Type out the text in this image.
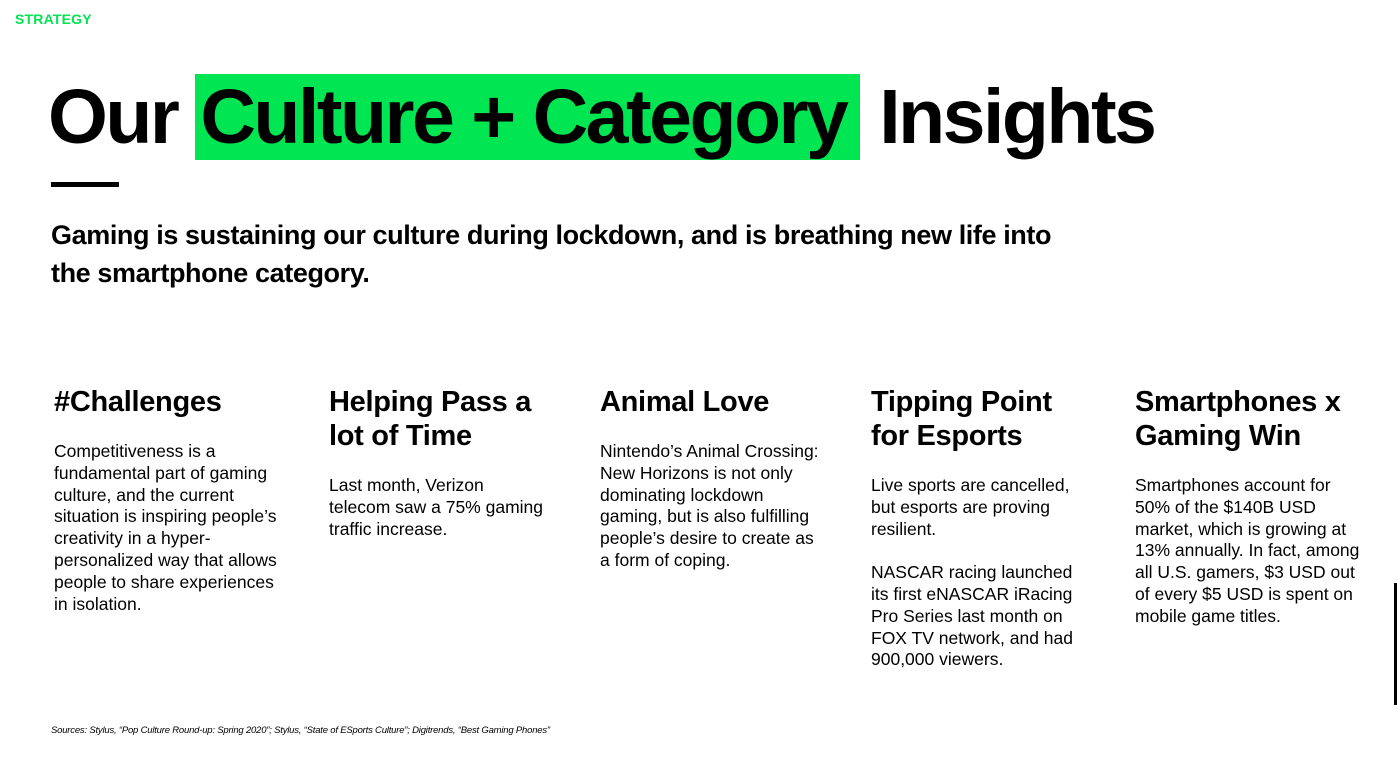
STRATEGY
Our Culture + Category Insights

Gaming is sustaining our culture during lockdown, and is breathing new life into the smartphone category.

#Challenges

Competitiveness is a fundamental part of gaming culture, and the current situation is inspiring people’s creativity in a hyper-personalized way that allows people to share experiences in isolation.

Helping Pass a lot of Time

Last month, Verizon telecom saw a 75% gaming traffic increase.

Animal Love

Nintendo’s Animal Crossing: New Horizons is not only dominating lockdown gaming, but is also fulfilling people’s desire to create as a form of coping.

Tipping Point for Esports

Live sports are cancelled, but esports are proving resilient.

NASCAR racing launched its first eNASCAR iRacing Pro Series last month on FOX TV network, and had 900,000 viewers.

Smartphones x Gaming Win

Smartphones account for 50% of the $140B USD market, which is growing at 13% annually. In fact, among all U.S. gamers, $3 USD out of every $5 USD is spent on mobile game titles.

Sources: Stylus, “Pop Culture Round-up: Spring 2020”; Stylus, “State of ESports Culture”; Digitrends, “Best Gaming Phones”
